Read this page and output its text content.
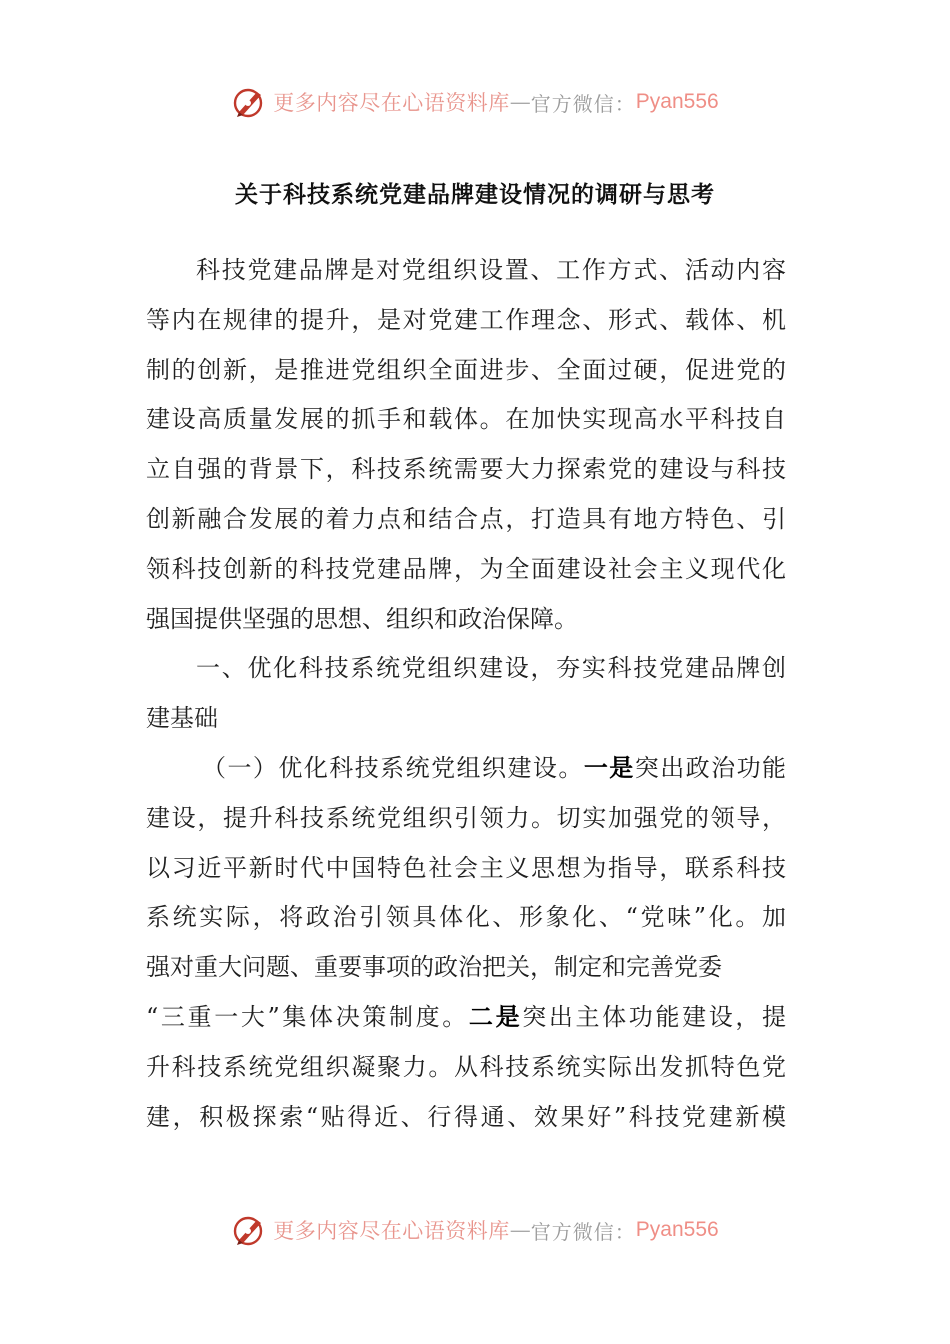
更多内容尽在心语资料库 — 官方微信： Pyan556
关于科技系统党建品牌建设情况的调研与思考
科技党建品牌是对党组织设置、工作方式、活动内容
等内在规律的提升，是对党建工作理念、形式、载体、机
制的创新，是推进党组织全面进步、全面过硬，促进党的
建设高质量发展的抓手和载体。在加快实现高水平科技自
立自强的背景下，科技系统需要大力探索党的建设与科技
创新融合发展的着力点和结合点，打造具有地方特色、引
领科技创新的科技党建品牌，为全面建设社会主义现代化
强国提供坚强的思想、组织和政治保障。
一、优化科技系统党组织建设，夯实科技党建品牌创
建基础
（一）优化科技系统党组织建设。一是突出政治功能
建设，提升科技系统党组织引领力。切实加强党的领导，
以习近平新时代中国特色社会主义思想为指导，联系科技
系统实际，将政治引领具体化、形象化、“党味”化。加
强对重大问题、重要事项的政治把关，制定和完善党委
“三重一大”集体决策制度。二是突出主体功能建设，提
升科技系统党组织凝聚力。从科技系统实际出发抓特色党
建，积极探索“贴得近、行得通、效果好”科技党建新模
更多内容尽在心语资料库 — 官方微信： Pyan556
